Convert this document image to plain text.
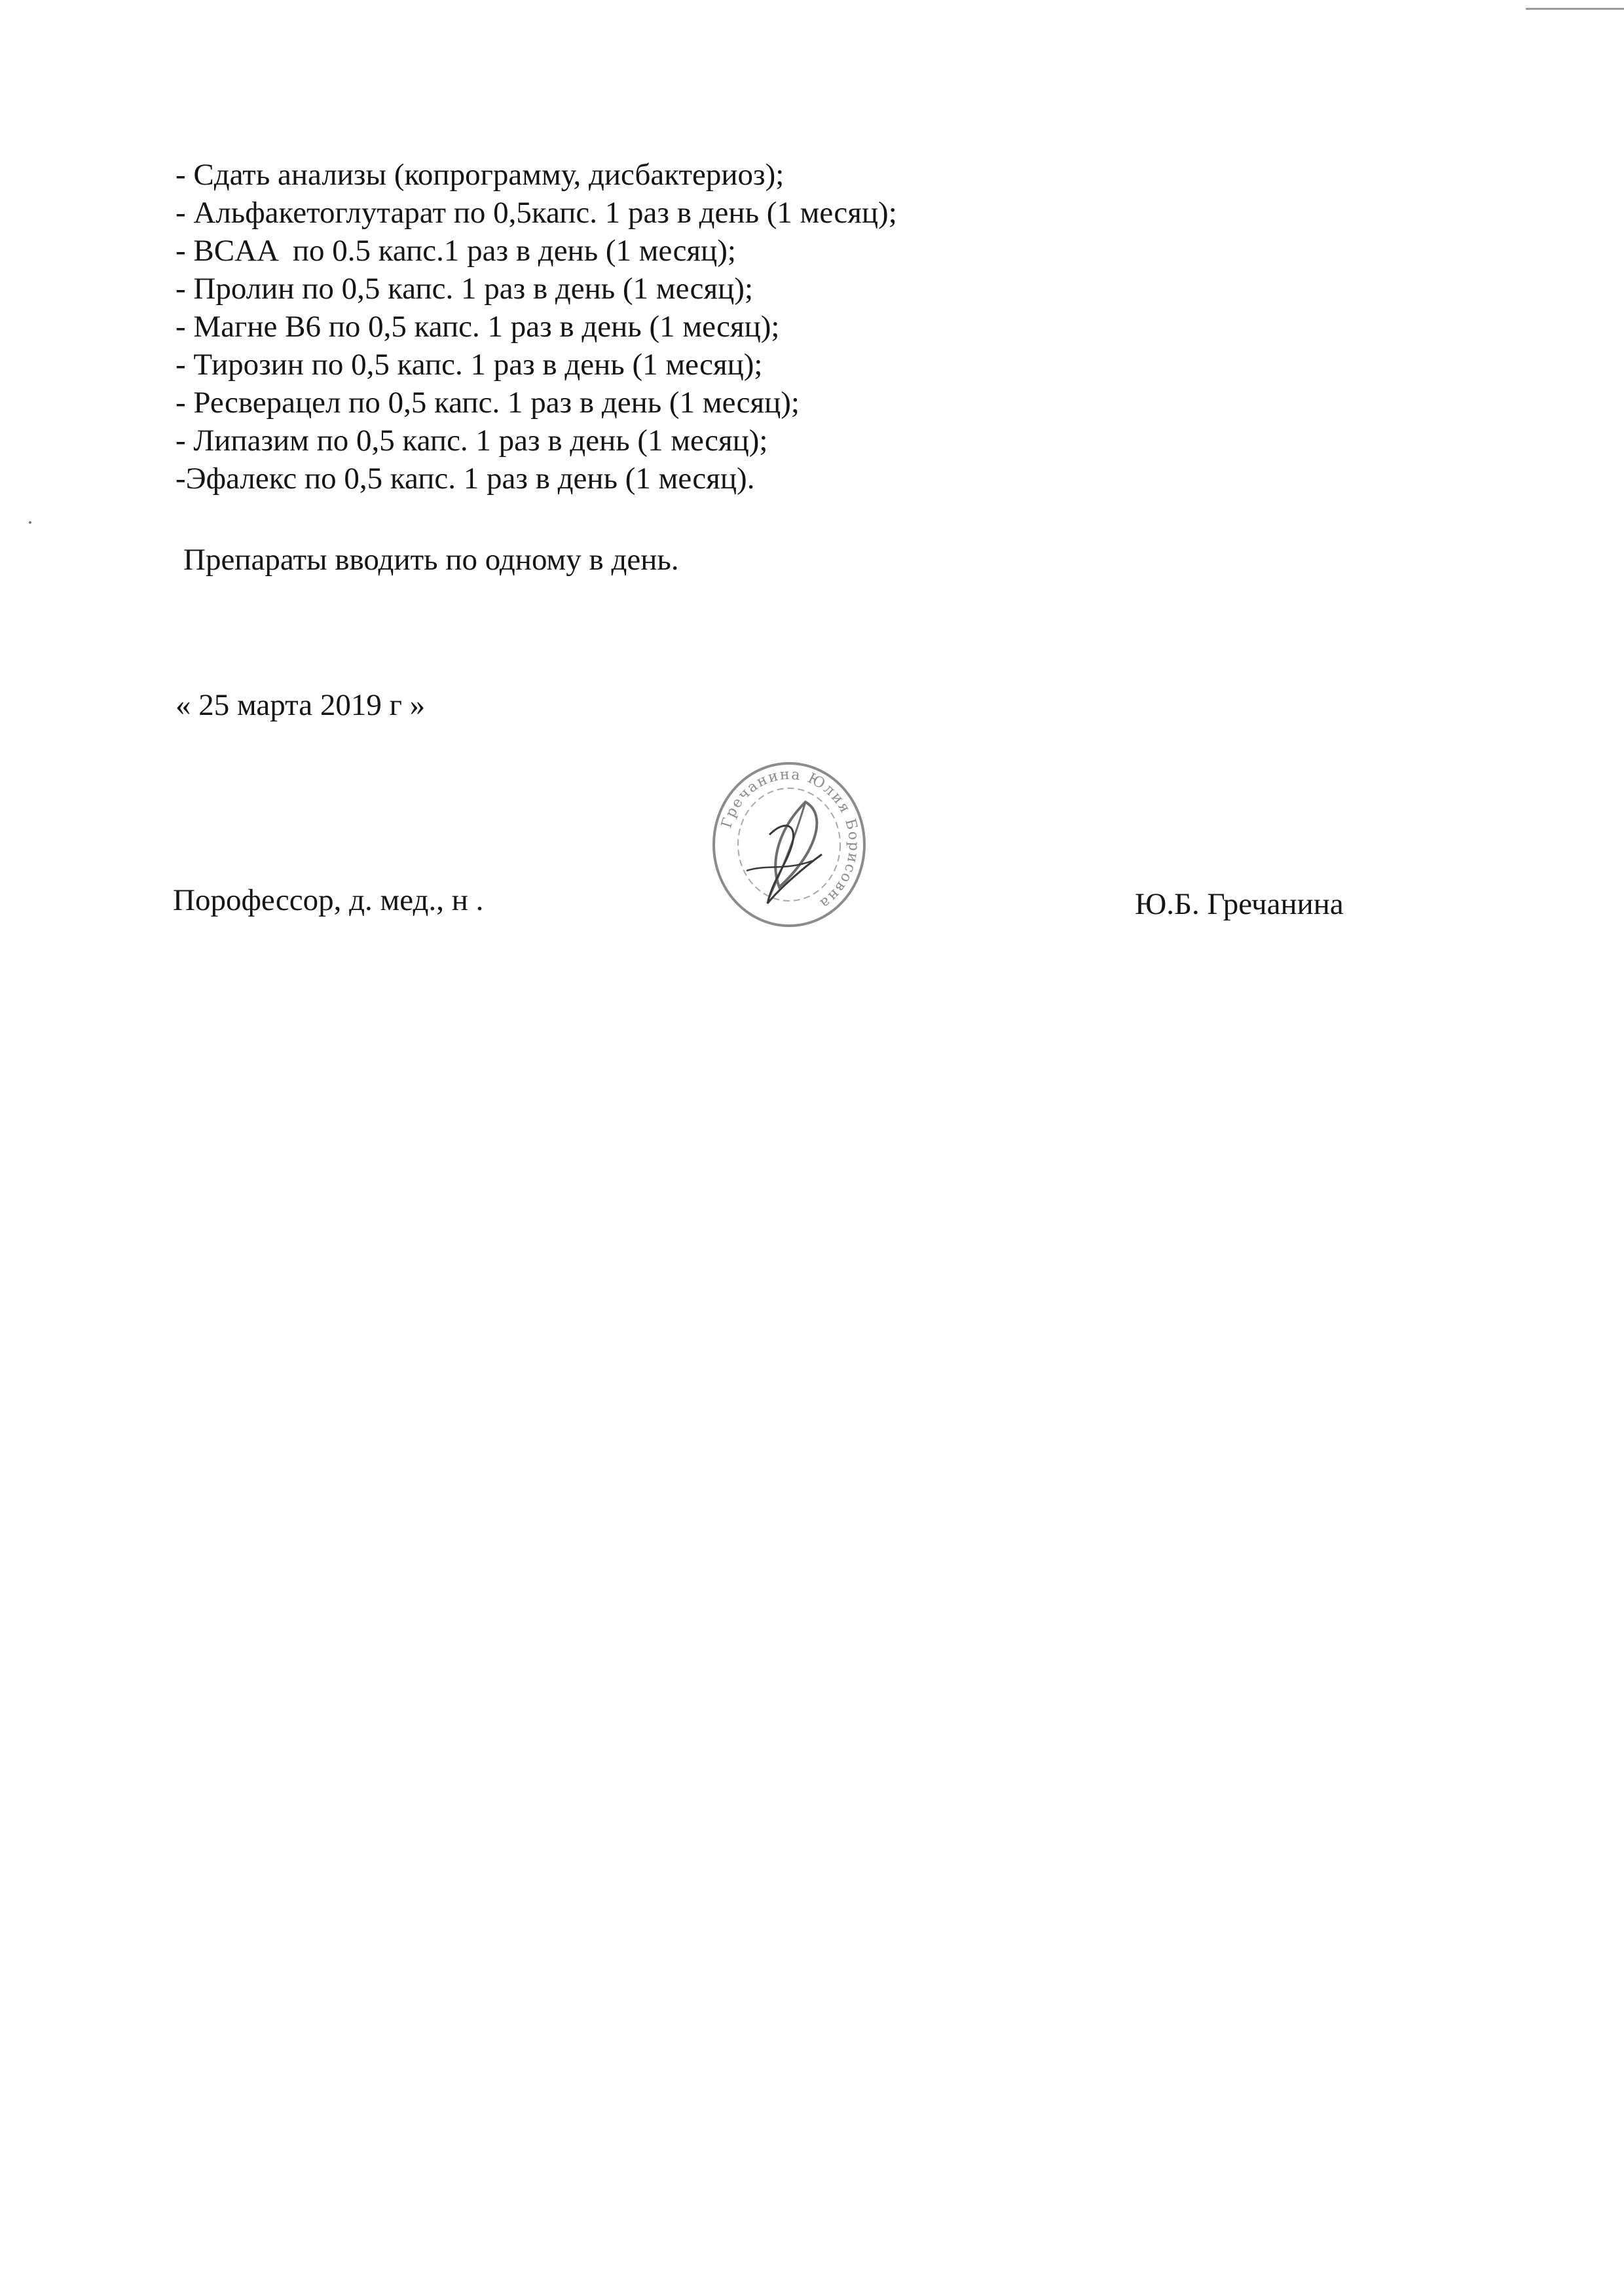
- Сдать анализы (копрограмму, дисбактериоз);
- Альфакетоглутарат по 0,5капс. 1 раз в день (1 месяц);
- BCAA  по 0.5 капс.1 раз в день (1 месяц);
- Пролин по 0,5 капс. 1 раз в день (1 месяц);
- Магне В6 по 0,5 капс. 1 раз в день (1 месяц);
- Тирозин по 0,5 капс. 1 раз в день (1 месяц);
- Ресверацел по 0,5 капс. 1 раз в день (1 месяц);
- Липазим по 0,5 капс. 1 раз в день (1 месяц);
-Эфалекс по 0,5 капс. 1 раз в день (1 месяц).
Препараты вводить по одному в день.
« 25 марта 2019 г »
Порофессор, д. мед., н .
Гречанина Юлия Борисовна	Ю.Б. Гречанина
